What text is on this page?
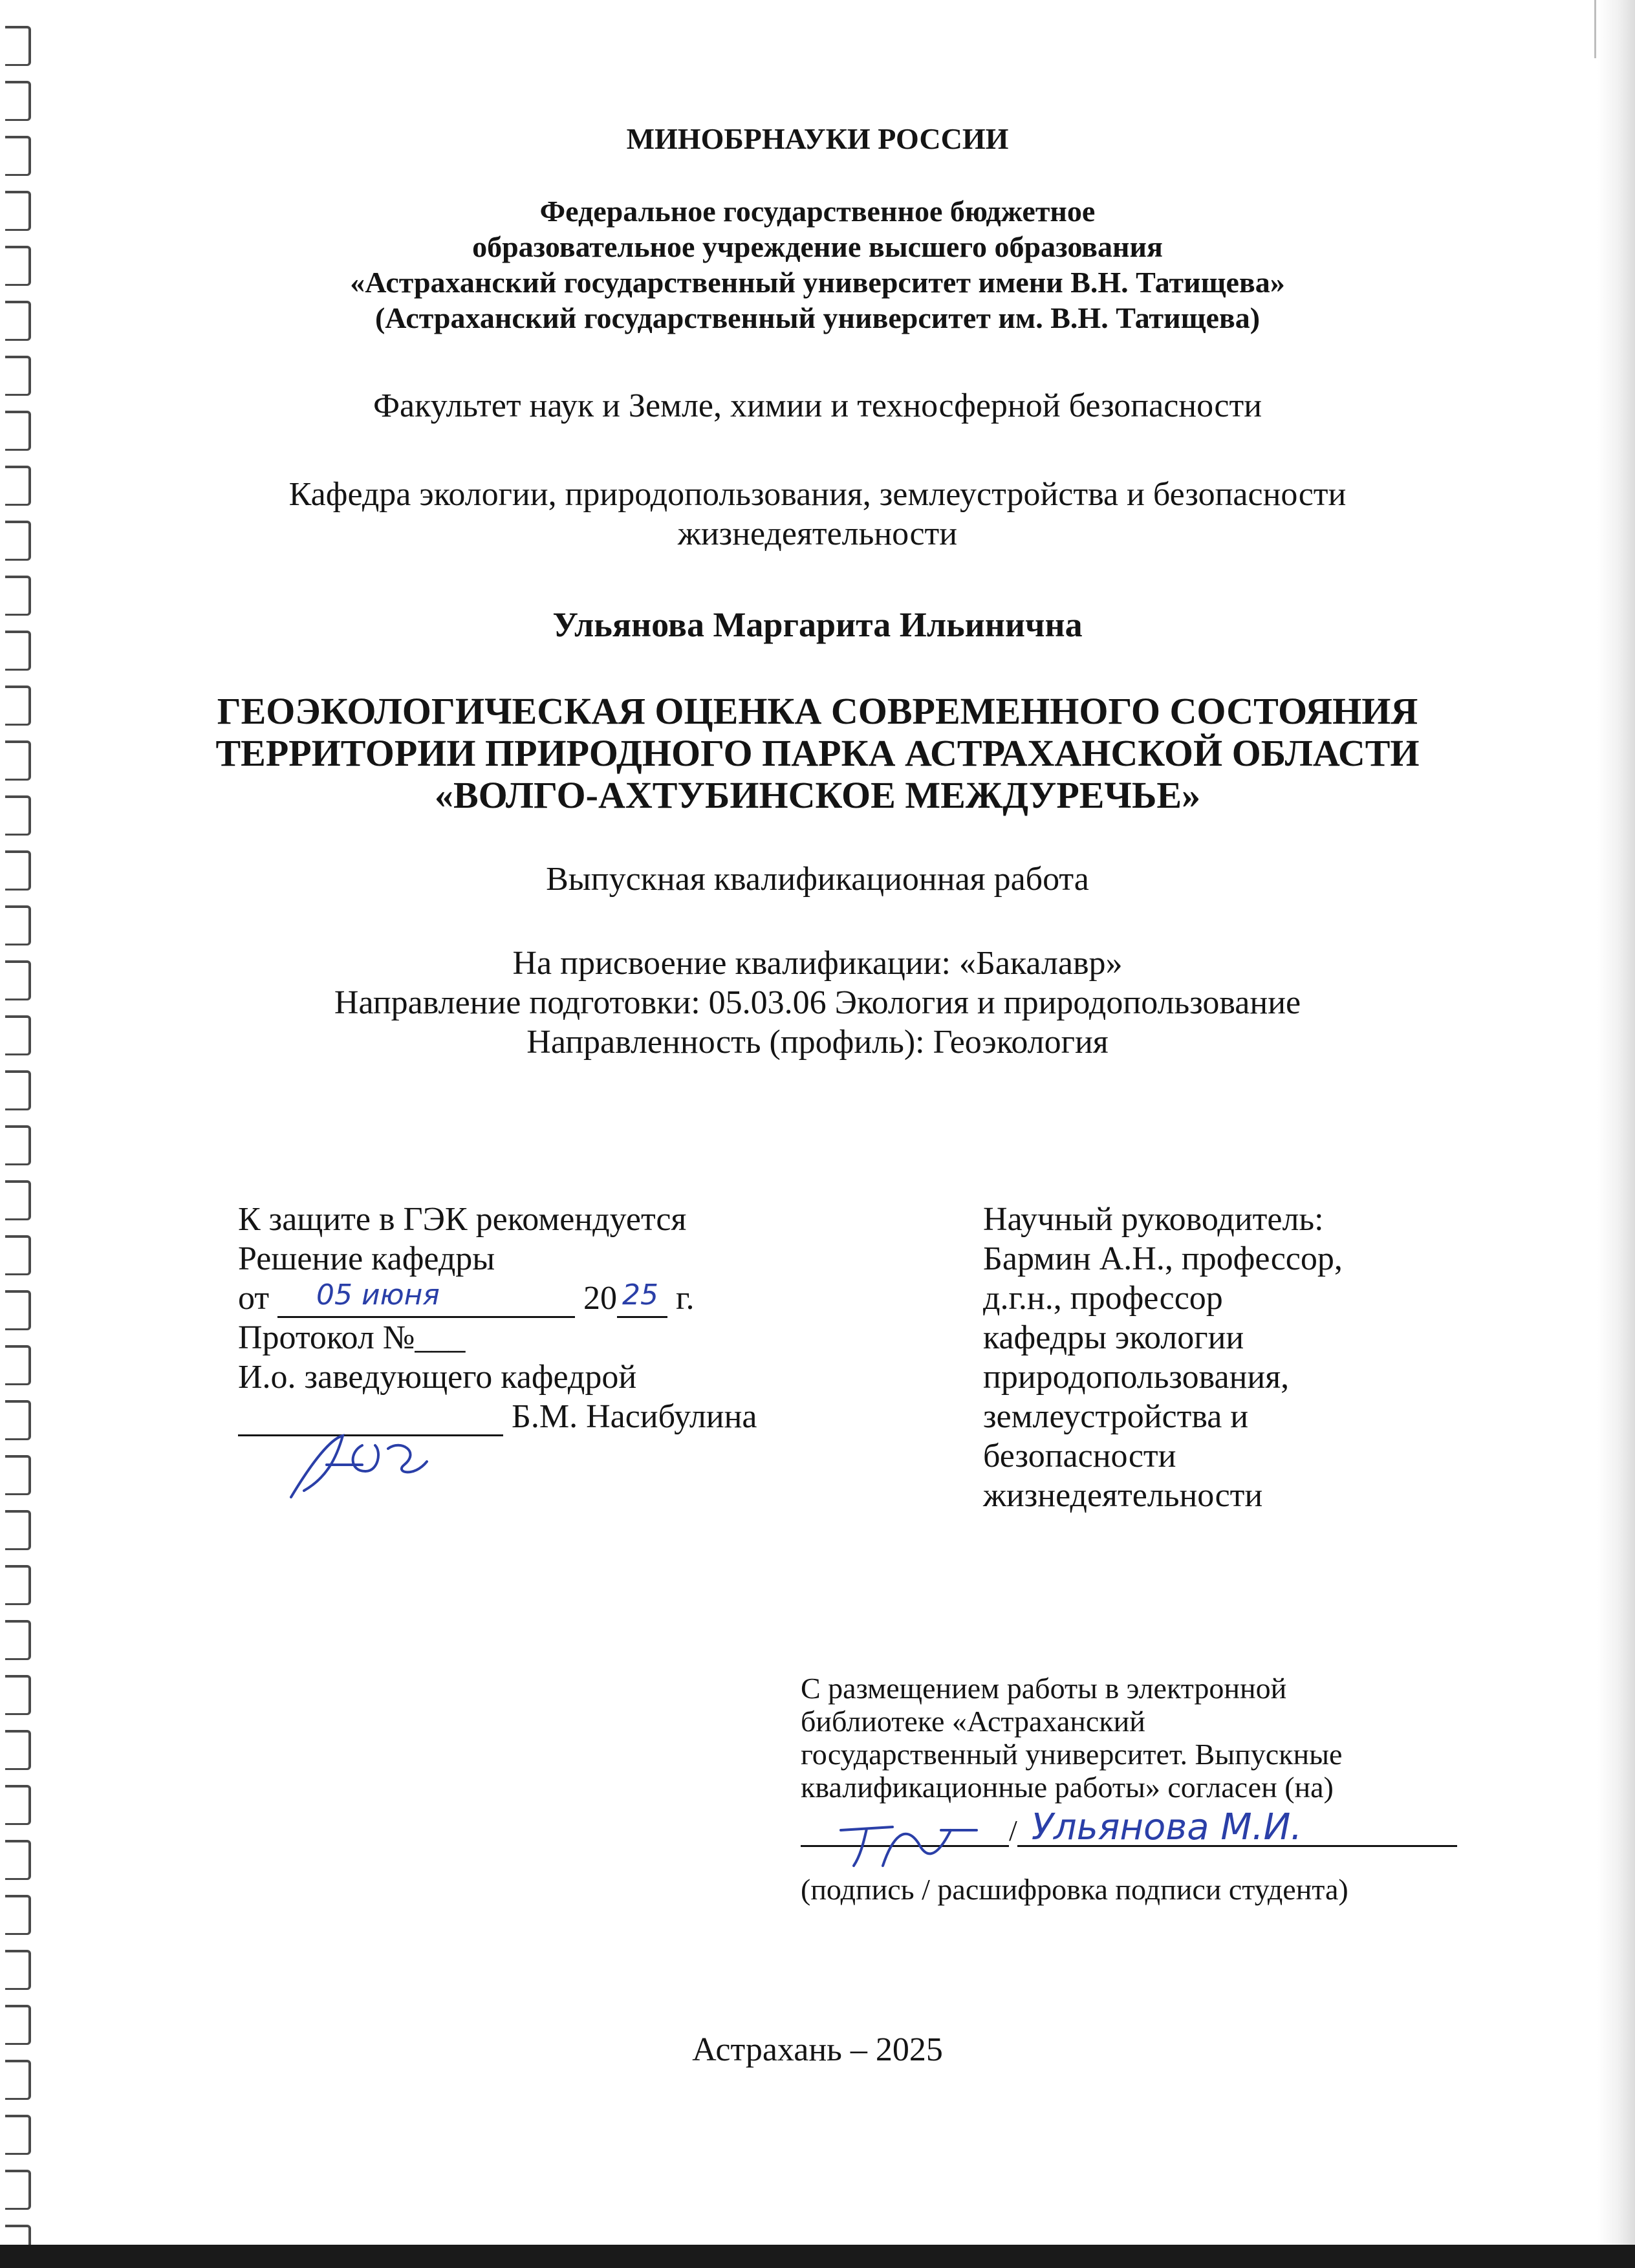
МИНОБРНАУКИ РОССИИ
Федеральное государственное бюджетное
образовательное учреждение высшего образования
«Астраханский государственный университет имени В.Н. Татищева»
(Астраханский государственный университет им. В.Н. Татищева)
Факультет наук и Земле, химии и техносферной безопасности
Кафедра экологии, природопользования, землеустройства и безопасности
жизнедеятельности
Ульянова Маргарита Ильинична
ГЕОЭКОЛОГИЧЕСКАЯ ОЦЕНКА СОВРЕМЕННОГО СОСТОЯНИЯ
ТЕРРИТОРИИ ПРИРОДНОГО ПАРКА АСТРАХАНСКОЙ ОБЛАСТИ
«ВОЛГО-АХТУБИНСКОЕ МЕЖДУРЕЧЬЕ»
Выпускная квалификационная работа
На присвоение квалификации: «Бакалавр»
Направление подготовки: 05.03.06 Экология и природопользование
Направленность (профиль): Геоэкология
К защите в ГЭК рекомендуется
Решение кафедры
от 05 июня	20 25 г.
Протокол №___
И.о. заведующего кафедрой
Б.М. Насибулина
Научный руководитель:
Бармин А.Н., профессор,
д.г.н., профессор
кафедры экологии
природопользования,
землеустройства и
безопасности
жизнедеятельности
С размещением работы в электронной
библиотеке «Астраханский
государственный университет. Выпускные
квалификационные работы» согласен (на)
/ Ульянова М.И.
(подпись / расшифровка подписи студента)
Астрахань – 2025
